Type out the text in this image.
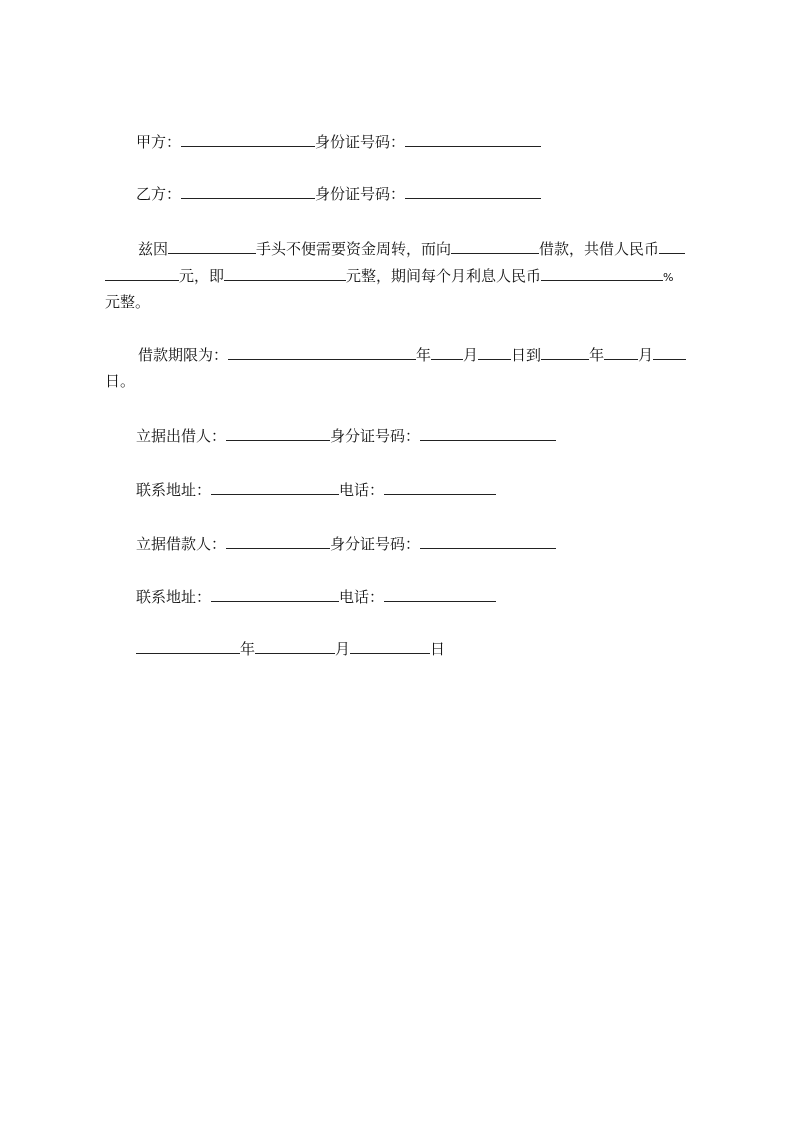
甲方：	身份证号码：
乙方：	身份证号码：
兹因	手头不便需要资金周转，而向	借款，共借人民币
元，即	元整，期间每个月利息人民币	%
元整。
借款期限为：	年 月 日到	年 月
日。
立据出借人：	身分证号码：
联系地址：	电话：
立据借款人：	身分证号码：
联系地址：	电话：
年	月	日
